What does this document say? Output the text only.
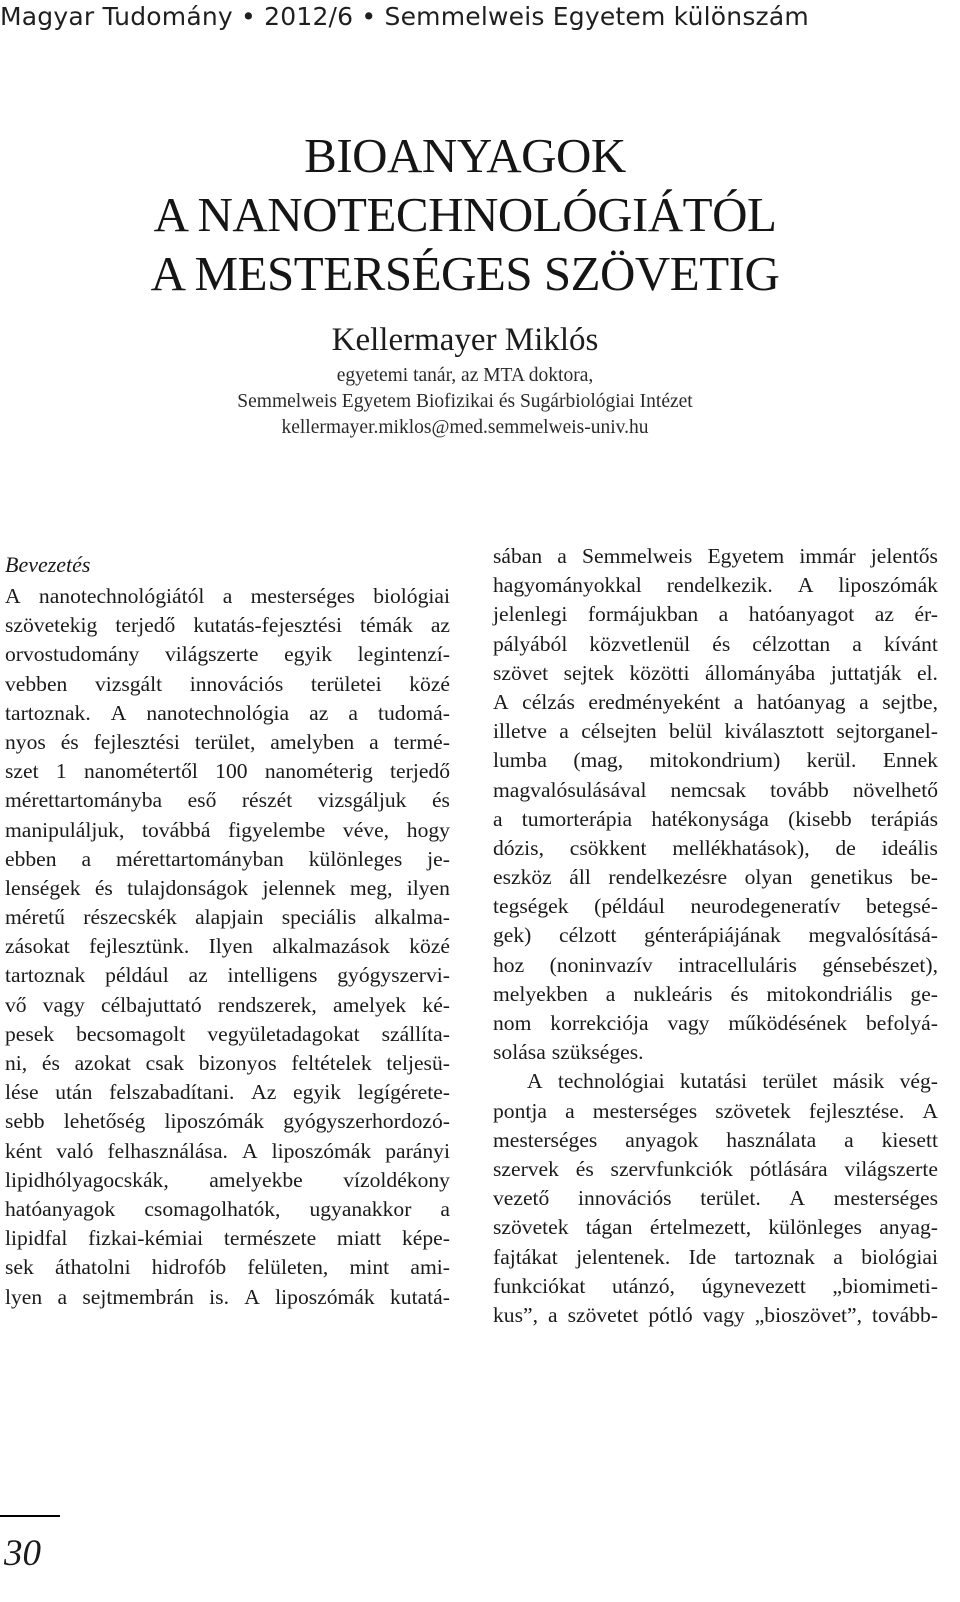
Magyar Tudomány • 2012/6 • Semmelweis Egyetem különszám
BIOANYAGOK
A NANOTECHNOLÓGIÁTÓL
A MESTERSÉGES SZÖVETIG
Kellermayer Miklós
egyetemi tanár, az MTA doktora,
Semmelweis Egyetem Biofizikai és Sugárbiológiai Intézet
kellermayer.miklos@med.semmelweis-univ.hu
Bevezetés
A nanotechnológiától a mesterséges biológiai
szövetekig terjedő kutatás-fejesztési témák az
orvostudomány világszerte egyik legintenzí-
vebben vizsgált innovációs területei közé
tartoznak. A nanotechnológia az a tudomá-
nyos és fejlesztési terület, amelyben a termé-
szet 1 nanométertől 100 nanométerig terjedő
mérettartományba eső részét vizsgáljuk és
manipuláljuk, továbbá figyelembe véve, hogy
ebben a mérettartományban különleges je-
lenségek és tulajdonságok jelennek meg, ilyen
méretű részecskék alapjain speciális alkalma-
zásokat fejlesztünk. Ilyen alkalmazások közé
tartoznak például az intelligens gyógyszervi-
vő vagy célbajuttató rendszerek, amelyek ké-
pesek becsomagolt vegyületadagokat szállíta-
ni, és azokat csak bizonyos feltételek teljesü-
lése után felszabadítani. Az egyik legígérete-
sebb lehetőség liposzómák gyógyszerhordozó-
ként való felhasználása. A liposzómák parányi
lipidhólyagocskák, amelyekbe vízoldékony
hatóanyagok csomagolhatók, ugyanakkor a
lipidfal fizkai-kémiai természete miatt képe-
sek áthatolni hidrofób felületen, mint ami-
lyen a sejtmembrán is. A liposzómák kutatá-
sában a Semmelweis Egyetem immár jelentős
hagyományokkal rendelkezik. A liposzómák
jelenlegi formájukban a hatóanyagot az ér-
pályából közvetlenül és célzottan a kívánt
szövet sejtek közötti állományába juttatják el.
A célzás eredményeként a hatóanyag a sejtbe,
illetve a célsejten belül kiválasztott sejtorganel-
lumba (mag, mitokondrium) kerül. Ennek
magvalósulásával nemcsak tovább növelhető
a tumorterápia hatékonysága (kisebb terápiás
dózis, csökkent mellékhatások), de ideális
eszköz áll rendelkezésre olyan genetikus be-
tegségek (például neurodegeneratív betegsé-
gek) célzott génterápiájának megvalósításá-
hoz (noninvazív intracelluláris génsebészet),
melyekben a nukleáris és mitokondriális ge-
nom korrekciója vagy működésének befolyá-
solása szükséges.
A technológiai kutatási terület másik vég-
pontja a mesterséges szövetek fejlesztése. A
mesterséges anyagok használata a kiesett
szervek és szervfunkciók pótlására világszerte
vezető innovációs terület. A mesterséges
szövetek tágan értelmezett, különleges anyag-
fajtákat jelentenek. Ide tartoznak a biológiai
funkciókat utánzó, úgynevezett „biomimeti-
kus”, a szövetet pótló vagy „bioszövet”, tovább-
30
